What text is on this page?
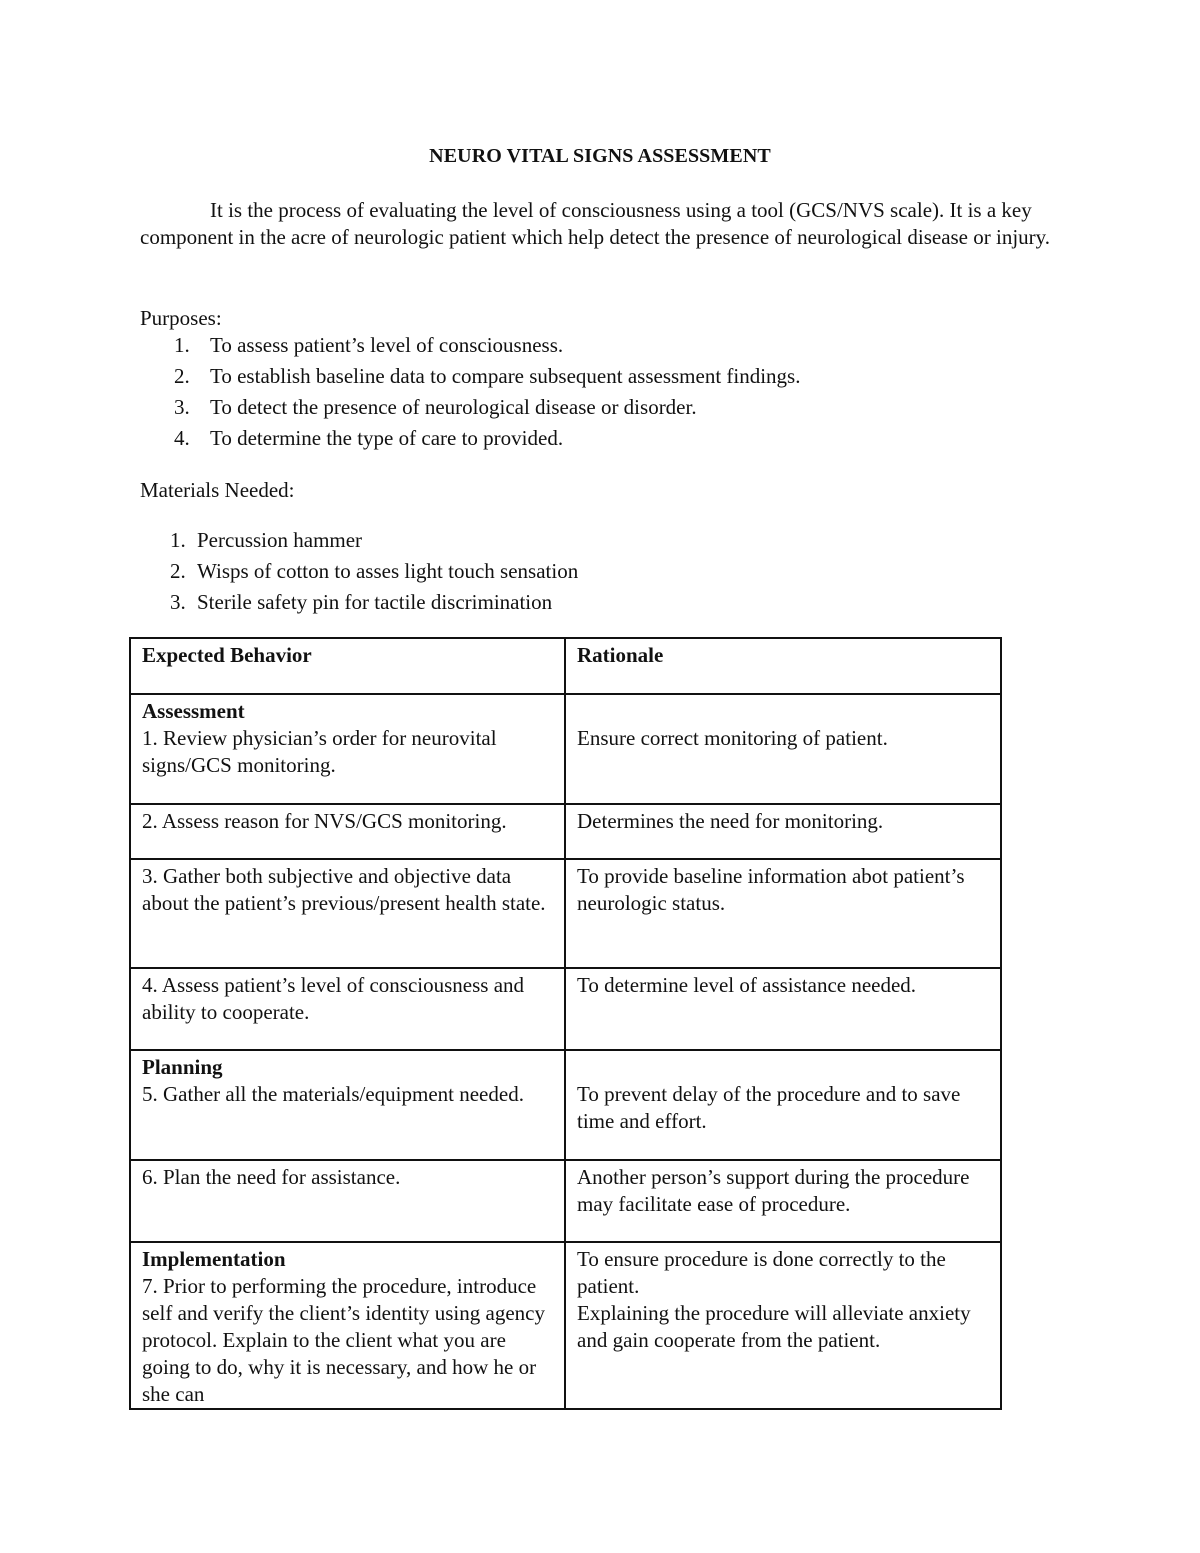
NEURO VITAL SIGNS ASSESSMENT

It is the process of evaluating the level of consciousness using a tool (GCS/NVS scale). It is a key component in the acre of neurologic patient which help detect the presence of neurological disease or injury.

Purposes:

1. To assess patient’s level of consciousness.
2. To establish baseline data to compare subsequent assessment findings.
3. To detect the presence of neurological disease or disorder.
4. To determine the type of care to provided.

Materials Needed:

1. Percussion hammer
2. Wisps of cotton to asses light touch sensation
3. Sterile safety pin for tactile discrimination
Expected Behavior	Rationale

Assessment
1. Review physician’s order for neurovital signs/GCS monitoring.	Ensure correct monitoring of patient.
2. Assess reason for NVS/GCS monitoring.	Determines the need for monitoring.
3. Gather both subjective and objective data about the patient’s previous/present health state.	To provide baseline information abot patient’s neurologic status.
4. Assess patient’s level of consciousness and ability to cooperate.	To determine level of assistance needed.

Planning
5. Gather all the materials/equipment needed.	To prevent delay of the procedure and to save time and effort.
6. Plan the need for assistance.	Another person’s support during the procedure may facilitate ease of procedure.

Implementation
7. Prior to performing the procedure, introduce self and verify the client’s identity using agency protocol. Explain to the client what you are going to do, why it is necessary, and how he or she can	To ensure procedure is done correctly to the patient.
Explaining the procedure will alleviate anxiety and gain cooperate from the patient.
